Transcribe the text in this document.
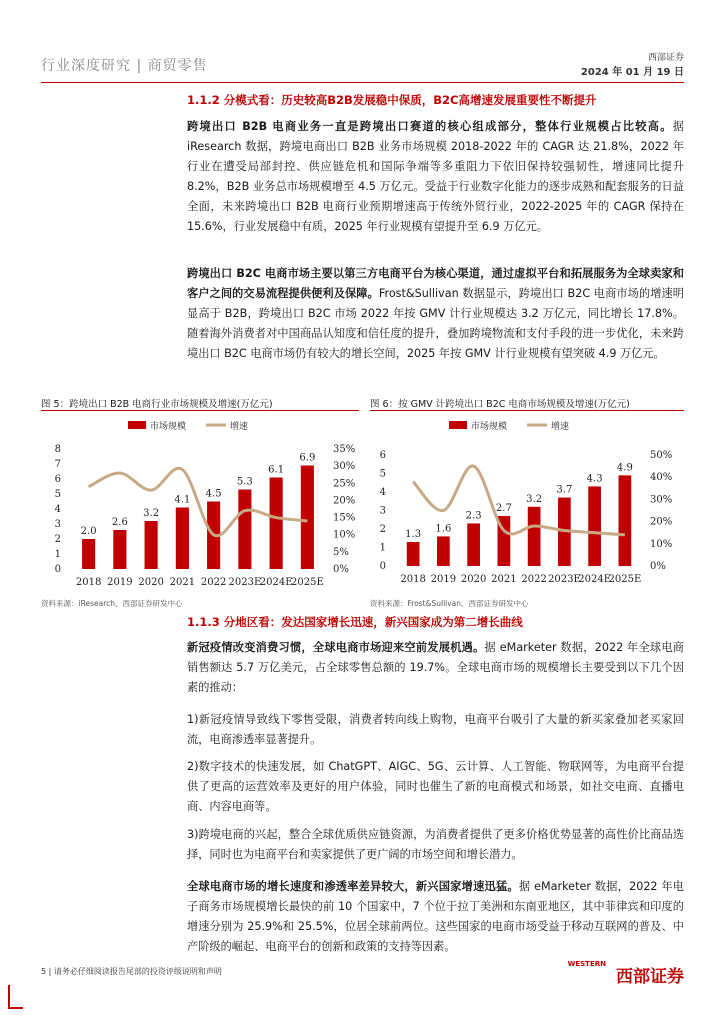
行业深度研究 | 商贸零售	西部证券
2024 年 01 月 19 日
1.1.2 分模式看：历史较高B2B发展稳中保质，B2C高增速发展重要性不断提升
跨境出口 B2B 电商业务一直是跨境出口赛道的核心组成部分，整体行业规模占比较高。据 iResearch 数据，跨境电商出口 B2B 业务市场规模 2018-2022 年的 CAGR 达 21.8%，2022 年行业在遭受局部封控、供应链危机和国际争端等多重阻力下依旧保持较强韧性，增速同比提升 8.2%，B2B 业务总市场规模增至 4.5 万亿元。受益于行业数字化能力的逐步成熟和配套服务的日益全面，未来跨境出口 B2B 电商行业预期增速高于传统外贸行业，2022-2025 年的 CAGR 保持在 15.6%，行业发展稳中有质，2025 年行业规模有望提升至 6.9 万亿元。
跨境出口 B2C 电商市场主要以第三方电商平台为核心渠道，通过虚拟平台和拓展服务为全球卖家和客户之间的交易流程提供便利及保障。Frost&Sullivan 数据显示，跨境出口 B2C 电商市场的增速明显高于 B2B，跨境出口 B2C 市场 2022 年按 GMV 计行业规模达 3.2 万亿元，同比增长 17.8%。随着海外消费者对中国商品认知度和信任度的提升，叠加跨境物流和支付手段的进一步优化，未来跨境出口 B2C 电商市场仍有较大的增长空间，2025 年按 GMV 计行业规模有望突破 4.9 万亿元。
图 5：跨境出口 B2B 电商行业市场规模及增速(万亿元)	图 6：按 GMV 计跨境出口 B2C 电商市场规模及增速(万亿元)
市场规模	增速
0
1
2
3
4
5
6
7
8
0%
5%
10%
15%
20%
25%
30%
35%
2.0
2018
2.6
2019
3.2
2020
4.1
2021
4.5
2022
5.3
2023E
6.1
2024E
6.9
2025E
市场规模	增速
0
1
2
3
4
5
6
0%
10%
20%
30%
40%
50%
1.3
2018
1.6
2019
2.3
2020
2.7
2021
3.2
2022
3.7
2023E
4.3
2024E
4.9
2025E
资料来源：iResearch、西部证券研发中心	资料来源：Frost&Sullivan、西部证券研发中心
1.1.3 分地区看：发达国家增长迅速，新兴国家成为第二增长曲线
新冠疫情改变消费习惯，全球电商市场迎来空前发展机遇。据 eMarketer 数据，2022 年全球电商销售额达 5.7 万亿美元，占全球零售总额的 19.7%。全球电商市场的规模增长主要受到以下几个因素的推动：
1)新冠疫情导致线下零售受限，消费者转向线上购物，电商平台吸引了大量的新买家叠加老买家回流，电商渗透率显著提升。
2)数字技术的快速发展，如 ChatGPT、AIGC、5G、云计算、人工智能、物联网等，为电商平台提供了更高的运营效率及更好的用户体验，同时也催生了新的电商模式和场景，如社交电商、直播电商、内容电商等。
3)跨境电商的兴起，整合全球优质供应链资源，为消费者提供了更多价格优势显著的高性价比商品选择，同时也为电商平台和卖家提供了更广阔的市场空间和增长潜力。
全球电商市场的增长速度和渗透率差异较大，新兴国家增速迅猛。据 eMarketer 数据，2022 年电子商务市场规模增长最快的前 10 个国家中，7 个位于拉丁美洲和东南亚地区，其中菲律宾和印度的增速分别为 25.9%和 25.5%，位居全球前两位。这些国家的电商市场受益于移动互联网的普及、中产阶级的崛起、电商平台的创新和政策的支持等因素。
5 | 请务必仔细阅读报告尾部的投资评级说明和声明
WESTERN
西部证券
